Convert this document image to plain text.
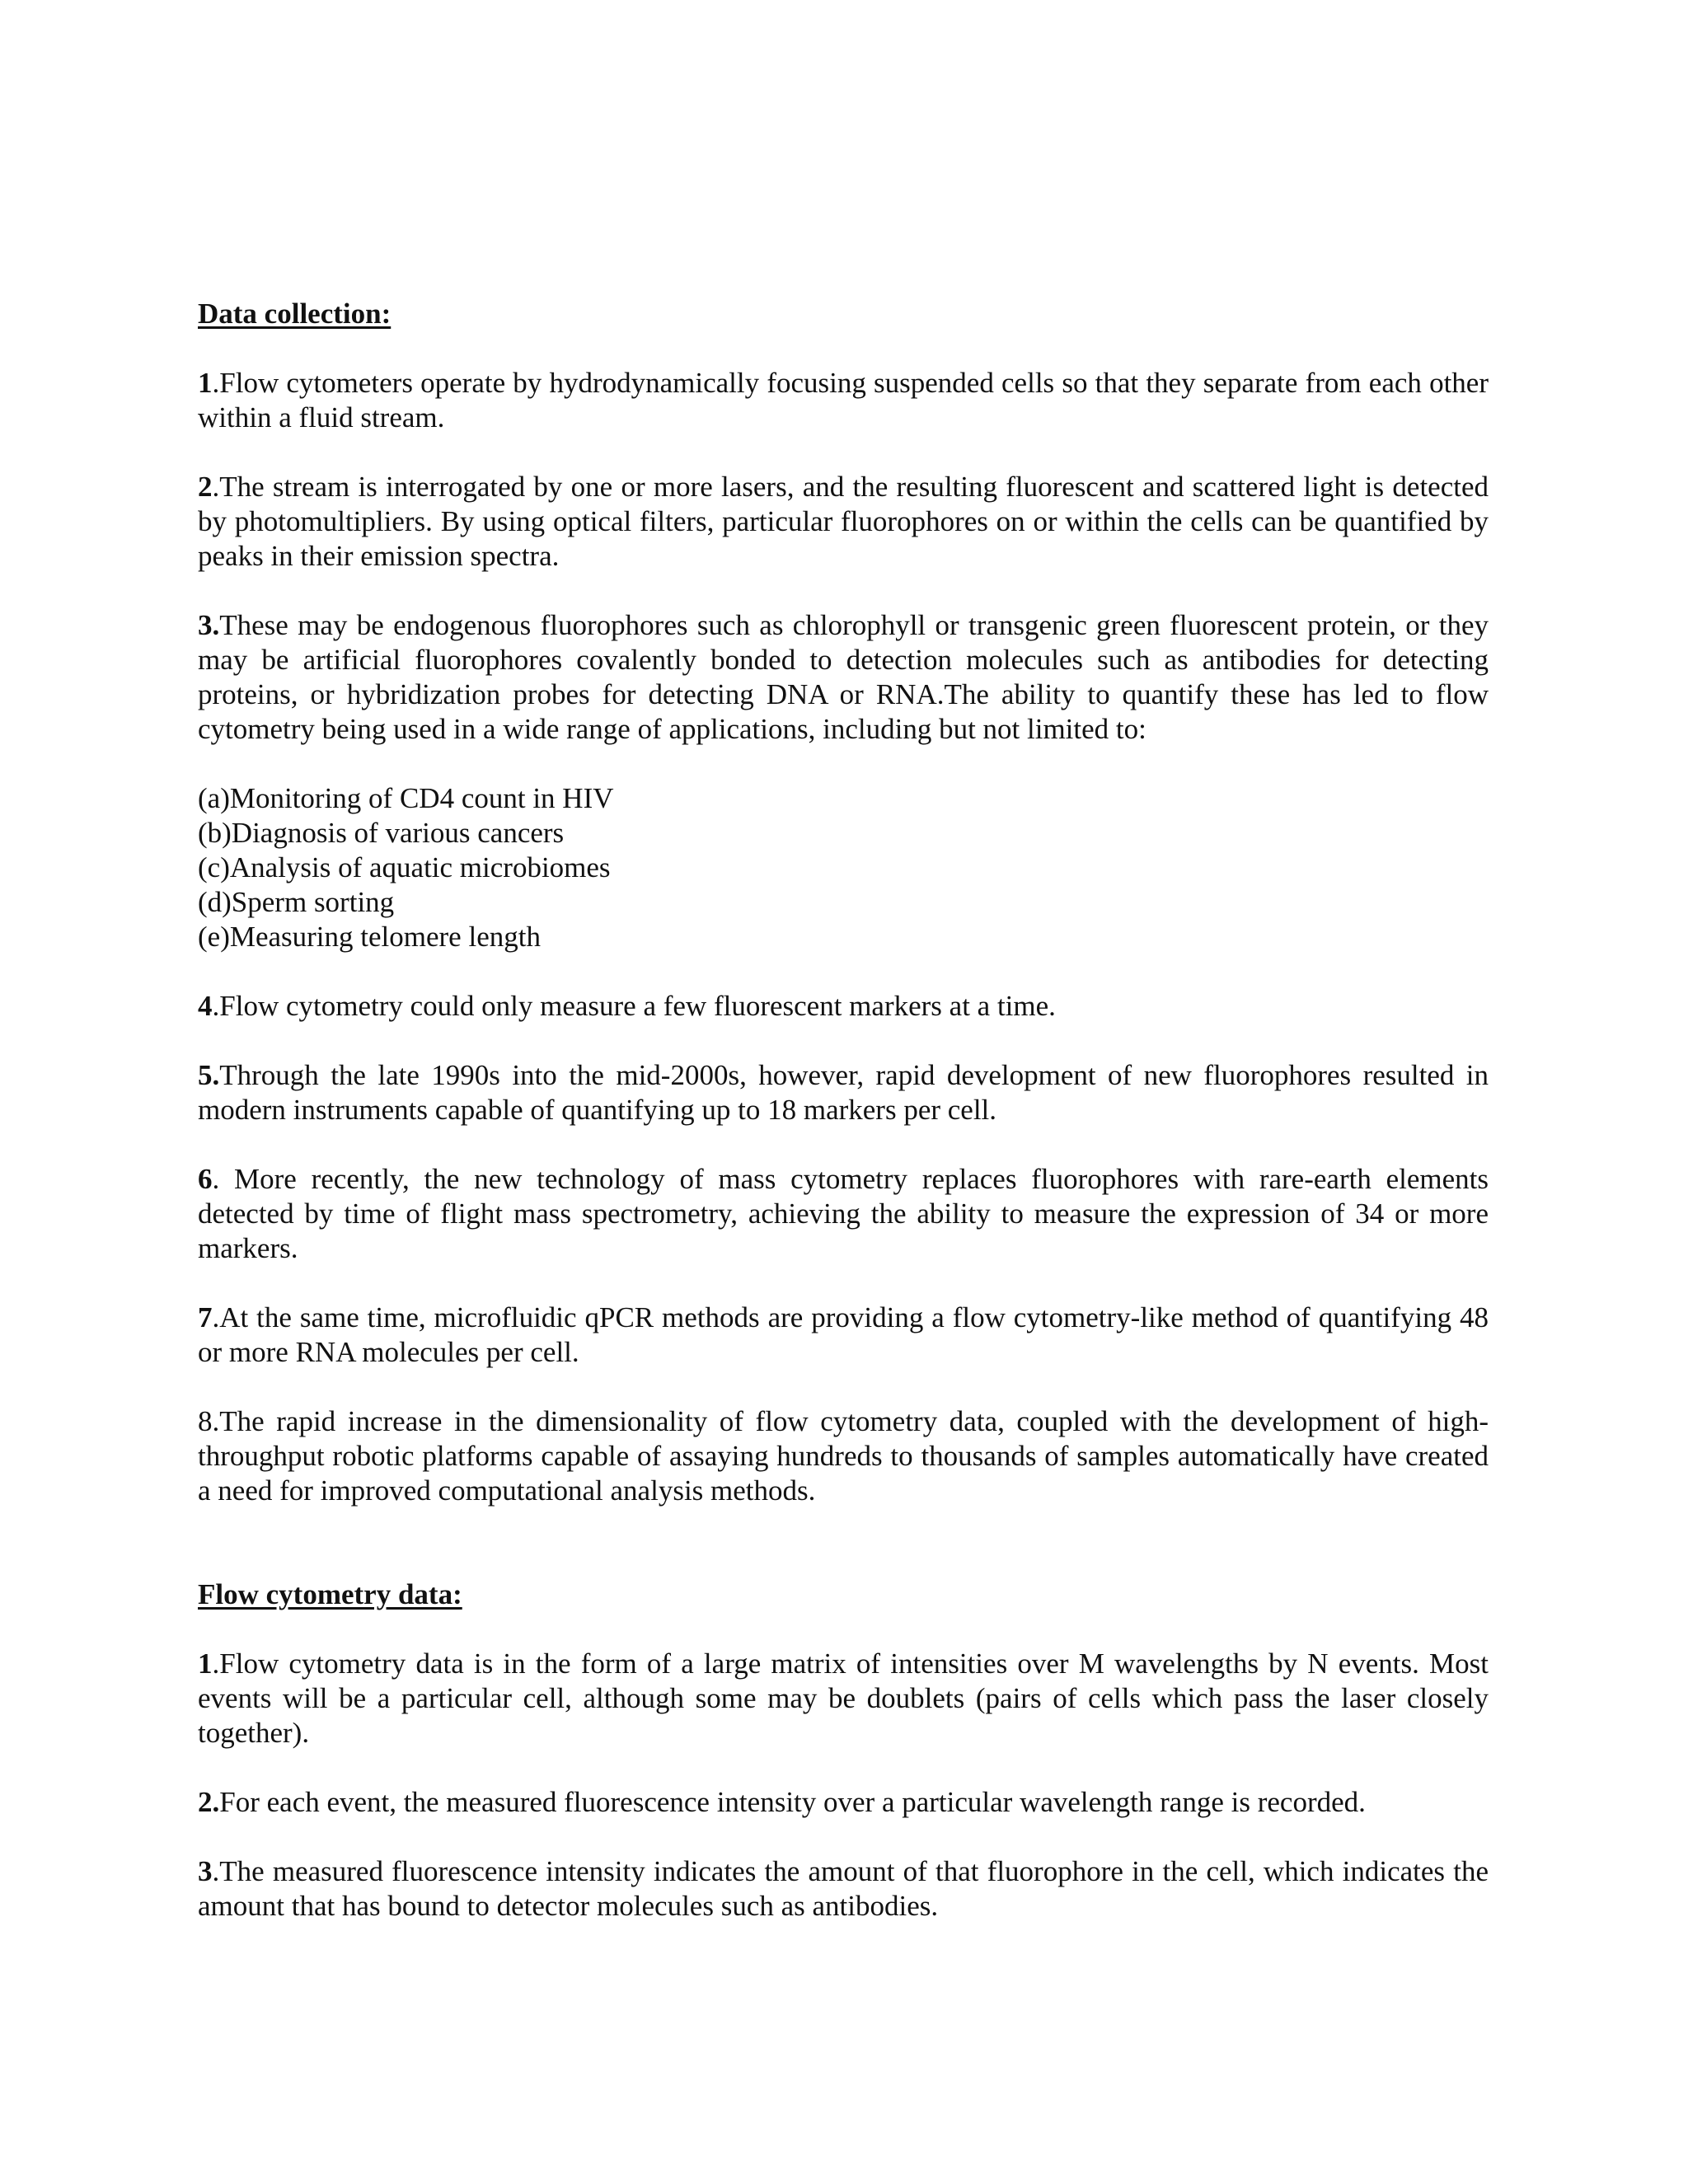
Data collection:

1.Flow cytometers operate by hydrodynamically focusing suspended cells so that they separate from each other within a fluid stream.

2.The stream is interrogated by one or more lasers, and the resulting fluorescent and scattered light is detected by photomultipliers. By using optical filters, particular fluorophores on or within the cells can be quantified by peaks in their emission spectra.

3.These may be endogenous fluorophores such as chlorophyll or transgenic green fluorescent protein, or they may be artificial fluorophores covalently bonded to detection molecules such as antibodies for detecting proteins, or hybridization probes for detecting DNA or RNA.The ability to quantify these has led to flow cytometry being used in a wide range of applications, including but not limited to:

(a)Monitoring of CD4 count in HIV

(b)Diagnosis of various cancers

(c)Analysis of aquatic microbiomes

(d)Sperm sorting

(e)Measuring telomere length

4.Flow cytometry could only measure a few fluorescent markers at a time.

5.Through the late 1990s into the mid-2000s, however, rapid development of new fluorophores resulted in modern instruments capable of quantifying up to 18 markers per cell.

6. More recently, the new technology of mass cytometry replaces fluorophores with rare-earth elements detected by time of flight mass spectrometry, achieving the ability to measure the expression of 34 or more markers.

7.At the same time, microfluidic qPCR methods are providing a flow cytometry-like method of quantifying 48 or more RNA molecules per cell.

8.The rapid increase in the dimensionality of flow cytometry data, coupled with the development of high-throughput robotic platforms capable of assaying hundreds to thousands of samples automatically have created a need for improved computational analysis methods.

Flow cytometry data:

1.Flow cytometry data is in the form of a large matrix of intensities over M wavelengths by N events. Most events will be a particular cell, although some may be doublets (pairs of cells which pass the laser closely together).

2.For each event, the measured fluorescence intensity over a particular wavelength range is recorded.

3.The measured fluorescence intensity indicates the amount of that fluorophore in the cell, which indicates the amount that has bound to detector molecules such as antibodies.
